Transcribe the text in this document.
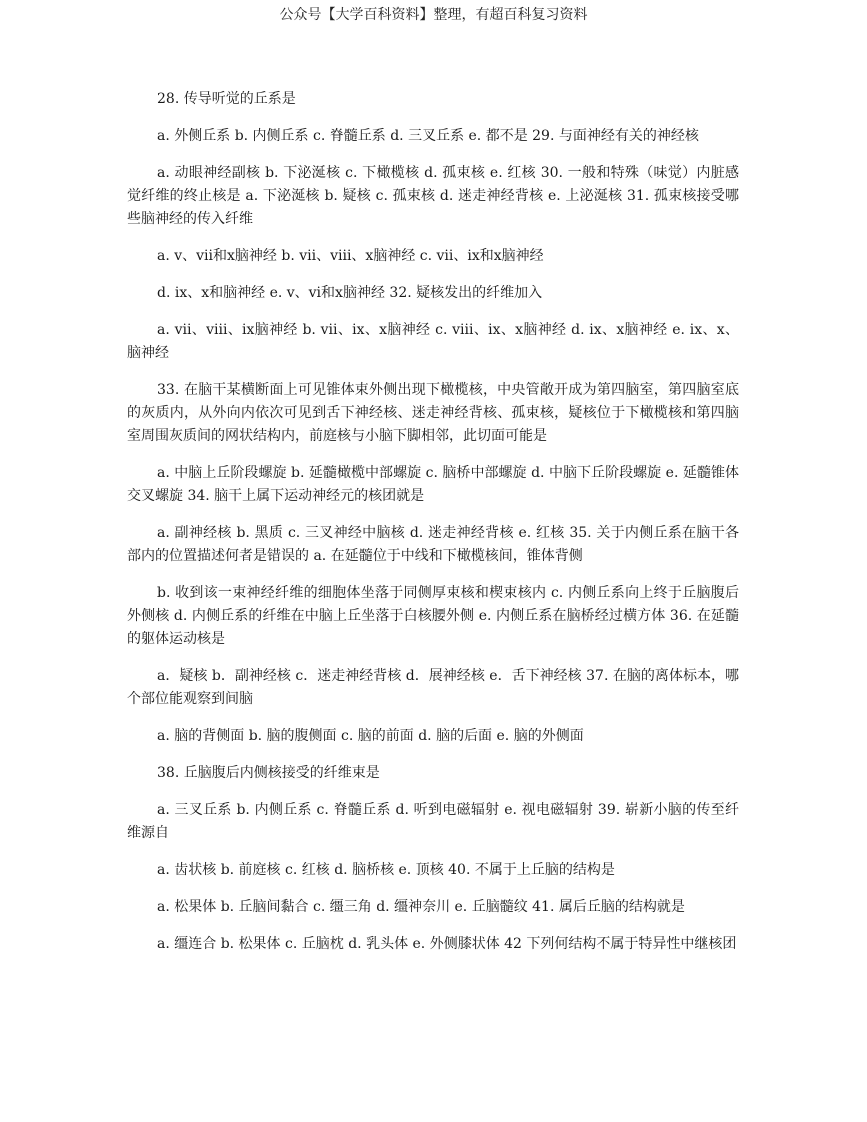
公众号【大学百科资料】整理，有超百科复习资料

28. 传导听觉的丘系是

a. 外侧丘系 b. 内侧丘系 c. 脊髓丘系 d. 三叉丘系 e. 都不是 29. 与面神经有关的神经核

a. 动眼神经副核 b. 下泌涎核 c. 下橄榄核 d. 孤束核 e. 红核 30. 一般和特殊（味觉）内脏感觉纤维的终止核是 a. 下泌涎核 b. 疑核 c. 孤束核 d. 迷走神经背核 e. 上泌涎核 31. 孤束核接受哪些脑神经的传入纤维

a. ⅴ、ⅶ和ⅹ脑神经 b. ⅶ、ⅷ、ⅹ脑神经 c. ⅶ、ⅸ和ⅹ脑神经

d. ⅸ、ⅹ和脑神经 e. ⅴ、ⅵ和ⅹ脑神经 32. 疑核发出的纤维加入

a. ⅶ、ⅷ、ⅸ脑神经 b. ⅶ、ⅸ、ⅹ脑神经 c. ⅷ、ⅸ、ⅹ脑神经 d. ⅸ、ⅹ脑神经 e. ⅸ、ⅹ、脑神经

33. 在脑干某横断面上可见锥体束外侧出现下橄榄核，中央管敞开成为第四脑室，第四脑室底的灰质内，从外向内依次可见到舌下神经核、迷走神经背核、孤束核，疑核位于下橄榄核和第四脑室周围灰质间的网状结构内，前庭核与小脑下脚相邻，此切面可能是

a. 中脑上丘阶段螺旋 b. 延髓橄榄中部螺旋 c. 脑桥中部螺旋 d. 中脑下丘阶段螺旋 e. 延髓锥体交叉螺旋 34. 脑干上属下运动神经元的核团就是

a. 副神经核 b. 黑质 c. 三叉神经中脑核 d. 迷走神经背核 e. 红核 35. 关于内侧丘系在脑干各部内的位置描述何者是错误的 a. 在延髓位于中线和下橄榄核间，锥体背侧

b. 收到该一束神经纤维的细胞体坐落于同侧厚束核和楔束核内 c. 内侧丘系向上终于丘脑腹后外侧核 d. 内侧丘系的纤维在中脑上丘坐落于白核腰外侧 e. 内侧丘系在脑桥经过横方体 36. 在延髓的躯体运动核是

a．疑核 b．副神经核 c．迷走神经背核 d．展神经核 e．舌下神经核 37. 在脑的离体标本，哪个部位能观察到间脑

a. 脑的背侧面 b. 脑的腹侧面 c. 脑的前面 d. 脑的后面 e. 脑的外侧面

38. 丘脑腹后内侧核接受的纤维束是

a. 三叉丘系 b. 内侧丘系 c. 脊髓丘系 d. 听到电磁辐射 e. 视电磁辐射 39. 崭新小脑的传至纤维源自

a. 齿状核 b. 前庭核 c. 红核 d. 脑桥核 e. 顶核 40. 不属于上丘脑的结构是

a. 松果体 b. 丘脑间黏合 c. 缰三角 d. 缰神奈川 e. 丘脑髓纹 41. 属后丘脑的结构就是

a. 缰连合 b. 松果体 c. 丘脑枕 d. 乳头体 e. 外侧膝状体 42 下列何结构不属于特异性中继核团
